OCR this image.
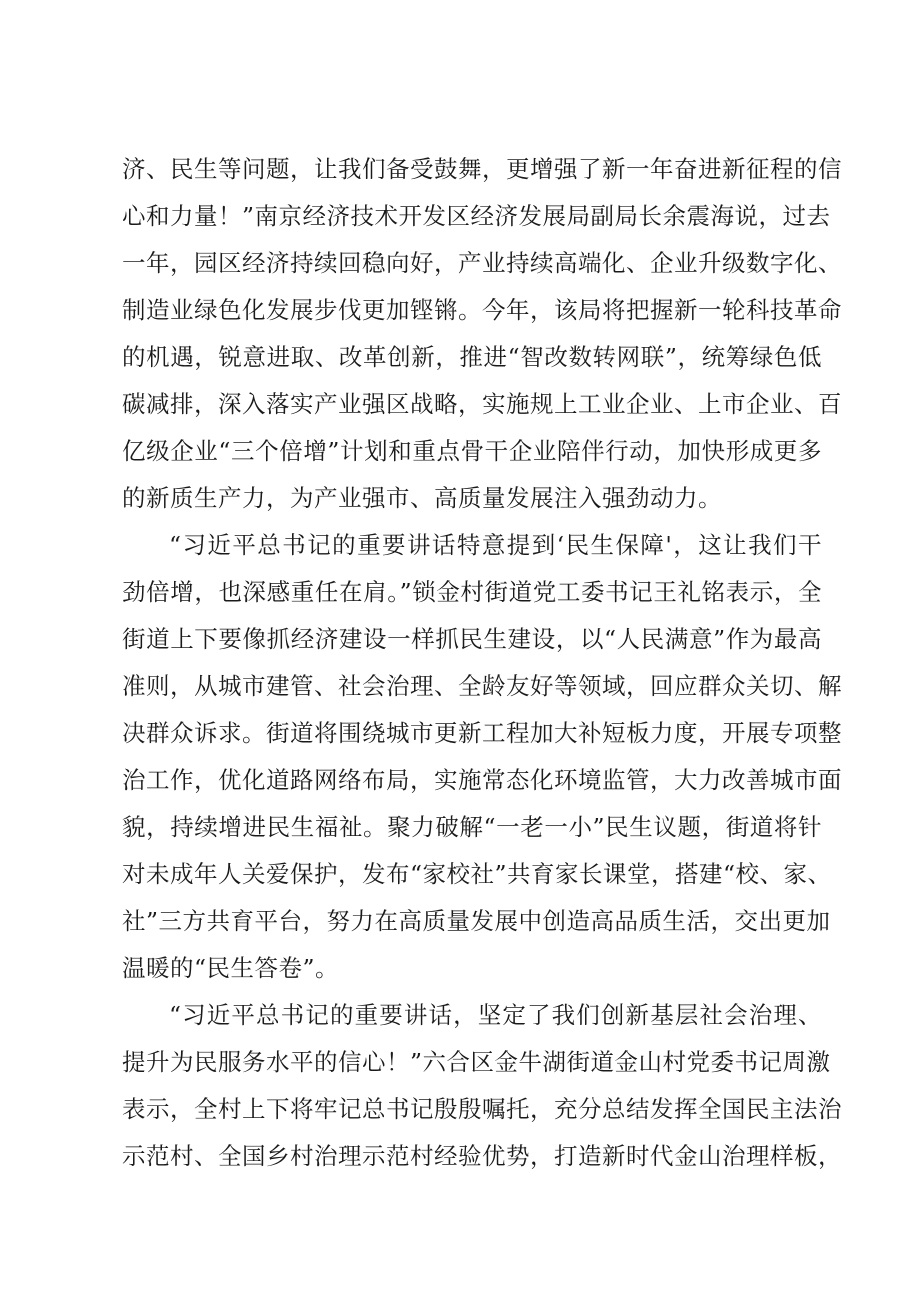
济、民生等问题，让我们备受鼓舞，更增强了新一年奋进新征程的信
心和力量！”南京经济技术开发区经济发展局副局长余震海说，过去
一年，园区经济持续回稳向好，产业持续高端化、企业升级数字化、
制造业绿色化发展步伐更加铿锵。今年，该局将把握新一轮科技革命
的机遇，锐意进取、改革创新，推进“智改数转网联”，统筹绿色低
碳减排，深入落实产业强区战略，实施规上工业企业、上市企业、百
亿级企业“三个倍增”计划和重点骨干企业陪伴行动，加快形成更多
的新质生产力，为产业强市、高质量发展注入强劲动力。
“习近平总书记的重要讲话特意提到‘民生保障'，这让我们干
劲倍增，也深感重任在肩。”锁金村街道党工委书记王礼铭表示，全
街道上下要像抓经济建设一样抓民生建设，以“人民满意”作为最高
准则，从城市建管、社会治理、全龄友好等领域，回应群众关切、解
决群众诉求。街道将围绕城市更新工程加大补短板力度，开展专项整
治工作，优化道路网络布局，实施常态化环境监管，大力改善城市面
貌，持续增进民生福祉。聚力破解“一老一小”民生议题，街道将针
对未成年人关爱保护，发布“家校社”共育家长课堂，搭建“校、家、
社”三方共育平台，努力在高质量发展中创造高品质生活，交出更加
温暖的“民生答卷”。
“习近平总书记的重要讲话，坚定了我们创新基层社会治理、
提升为民服务水平的信心！”六合区金牛湖街道金山村党委书记周激
表示，全村上下将牢记总书记殷殷嘱托，充分总结发挥全国民主法治
示范村、全国乡村治理示范村经验优势，打造新时代金山治理样板，
